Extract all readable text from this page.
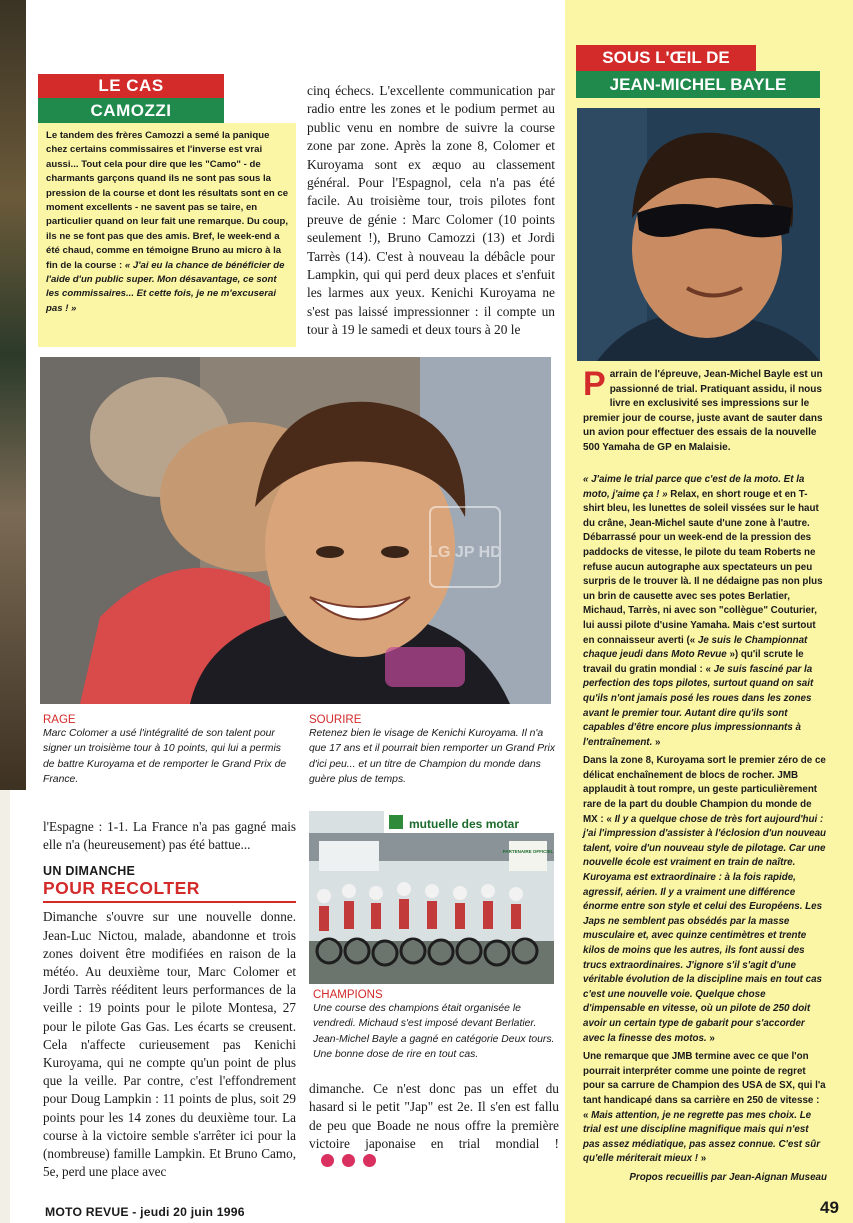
LE CAS
CAMOZZI
Le tandem des frères Camozzi a semé la panique chez certains commissaires et l'inverse est vrai aussi... Tout cela pour dire que les "Camo" - de charmants garçons quand ils ne sont pas sous la pression de la course et dont les résultats sont en ce moment excellents - ne savent pas se taire, en particulier quand on leur fait une remarque. Du coup, ils ne se font pas que des amis. Bref, le week-end a été chaud, comme en témoigne Bruno au micro à la fin de la course : « J'ai eu la chance de bénéficier de l'aide d'un public super. Mon désavantage, ce sont les commissaires... Et cette fois, je ne m'excuserai pas ! »
cinq échecs. L'excellente communication par radio entre les zones et le podium permet au public venu en nombre de suivre la course zone par zone. Après la zone 8, Colomer et Kuroyama sont ex æquo au classement général. Pour l'Espagnol, cela n'a pas été facile. Au troisième tour, trois pilotes font preuve de génie : Marc Colomer (10 points seulement !), Bruno Camozzi (13) et Jordi Tarrès (14). C'est à nouveau la débâcle pour Lampkin, qui qui perd deux places et s'enfuit les larmes aux yeux. Kenichi Kuroyama ne s'est pas laissé impressionner : il compte un tour à 19 le samedi et deux tours à 20 le
LG JP HD
RAGE
Marc Colomer a usé l'intégralité de son talent pour signer un troisième tour à 10 points, qui lui a permis de battre Kuroyama et de remporter le Grand Prix de France.
SOURIRE
Retenez bien le visage de Kenichi Kuroyama. Il n'a que 17 ans et il pourrait bien remporter un Grand Prix d'ici peu... et un titre de Champion du monde dans guère plus de temps.
l'Espagne : 1-1. La France n'a pas gagné mais elle n'a (heureusement) pas été battue...
UN DIMANCHE
POUR RECOLTER
Dimanche s'ouvre sur une nouvelle donne. Jean-Luc Nictou, malade, abandonne et trois zones doivent être modifiées en raison de la météo. Au deuxième tour, Marc Colomer et Jordi Tarrès rééditent leurs performances de la veille : 19 points pour le pilote Montesa, 27 pour le pilote Gas Gas. Les écarts se creusent. Cela n'affecte curieusement pas Kenichi Kuroyama, qui ne compte qu'un point de plus que la veille. Par contre, c'est l'effondrement pour Doug Lampkin : 11 points de plus, soit 29 points pour les 14 zones du deuxième tour. La course à la victoire semble s'arrêter ici pour la (nombreuse) famille Lampkin. Et Bruno Camo, 5e, perd une place avec
mutuelle des motar
PARTENAIRE OFFICIEL
CHAMPIONS
Une course des champions était organisée le vendredi. Michaud s'est imposé devant Berlatier. Jean-Michel Bayle a gagné en catégorie Deux tours. Une bonne dose de rire en tout cas.
dimanche. Ce n'est donc pas un effet du hasard si le petit "Jap" est 2e. Il s'en est fallu de peu que Boade ne nous offre la première victoire japonaise en trial mondial !
SOUS L'ŒIL DE
JEAN-MICHEL BAYLE
P arrain de l'épreuve, Jean-Michel Bayle est un passionné de trial. Pratiquant assidu, il nous livre en exclusivité ses impressions sur le premier jour de course, juste avant de sauter dans un avion pour effectuer des essais de la nouvelle 500 Yamaha de GP en Malaisie.

« J'aime le trial parce que c'est de la moto. Et la moto, j'aime ça ! » Relax, en short rouge et en T-shirt bleu, les lunettes de soleil vissées sur le haut du crâne, Jean-Michel saute d'une zone à l'autre. Débarrassé pour un week-end de la pression des paddocks de vitesse, le pilote du team Roberts ne refuse aucun autographe aux spectateurs un peu surpris de le trouver là. Il ne dédaigne pas non plus un brin de causette avec ses potes Berlatier, Michaud, Tarrès, ni avec son "collègue" Couturier, lui aussi pilote d'usine Yamaha. Mais c'est surtout en connaisseur averti (« Je suis le Championnat chaque jeudi dans Moto Revue ») qu'il scrute le travail du gratin mondial : « Je suis fasciné par la perfection des tops pilotes, surtout quand on sait qu'ils n'ont jamais posé les roues dans les zones avant le premier tour. Autant dire qu'ils sont capables d'être encore plus impressionnants à l'entraînement. »

Dans la zone 8, Kuroyama sort le premier zéro de ce délicat enchaînement de blocs de rocher. JMB applaudit à tout rompre, un geste particulièrement rare de la part du double Champion du monde de MX : « Il y a quelque chose de très fort aujourd'hui : j'ai l'impression d'assister à l'éclosion d'un nouveau talent, voire d'un nouveau style de pilotage. Car une nouvelle école est vraiment en train de naître. Kuroyama est extraordinaire : à la fois rapide, agressif, aérien. Il y a vraiment une différence énorme entre son style et celui des Européens. Les Japs ne semblent pas obsédés par la masse musculaire et, avec quinze centimètres et trente kilos de moins que les autres, ils font aussi des trucs extraordinaires. J'ignore s'il s'agit d'une véritable évolution de la discipline mais en tout cas c'est une nouvelle voie. Quelque chose d'impensable en vitesse, où un pilote de 250 doit avoir un certain type de gabarit pour s'accorder avec la finesse des motos. »

Une remarque que JMB termine avec ce que l'on pourrait interpréter comme une pointe de regret pour sa carrure de Champion des USA de SX, qui l'a tant handicapé dans sa carrière en 250 de vitesse : « Mais attention, je ne regrette pas mes choix. Le trial est une discipline magnifique mais qui n'est pas assez médiatique, pas assez connue. C'est sûr qu'elle mériterait mieux ! »

Propos recueillis par Jean-Aignan Museau
MOTO REVUE - jeudi 20 juin 1996	49
